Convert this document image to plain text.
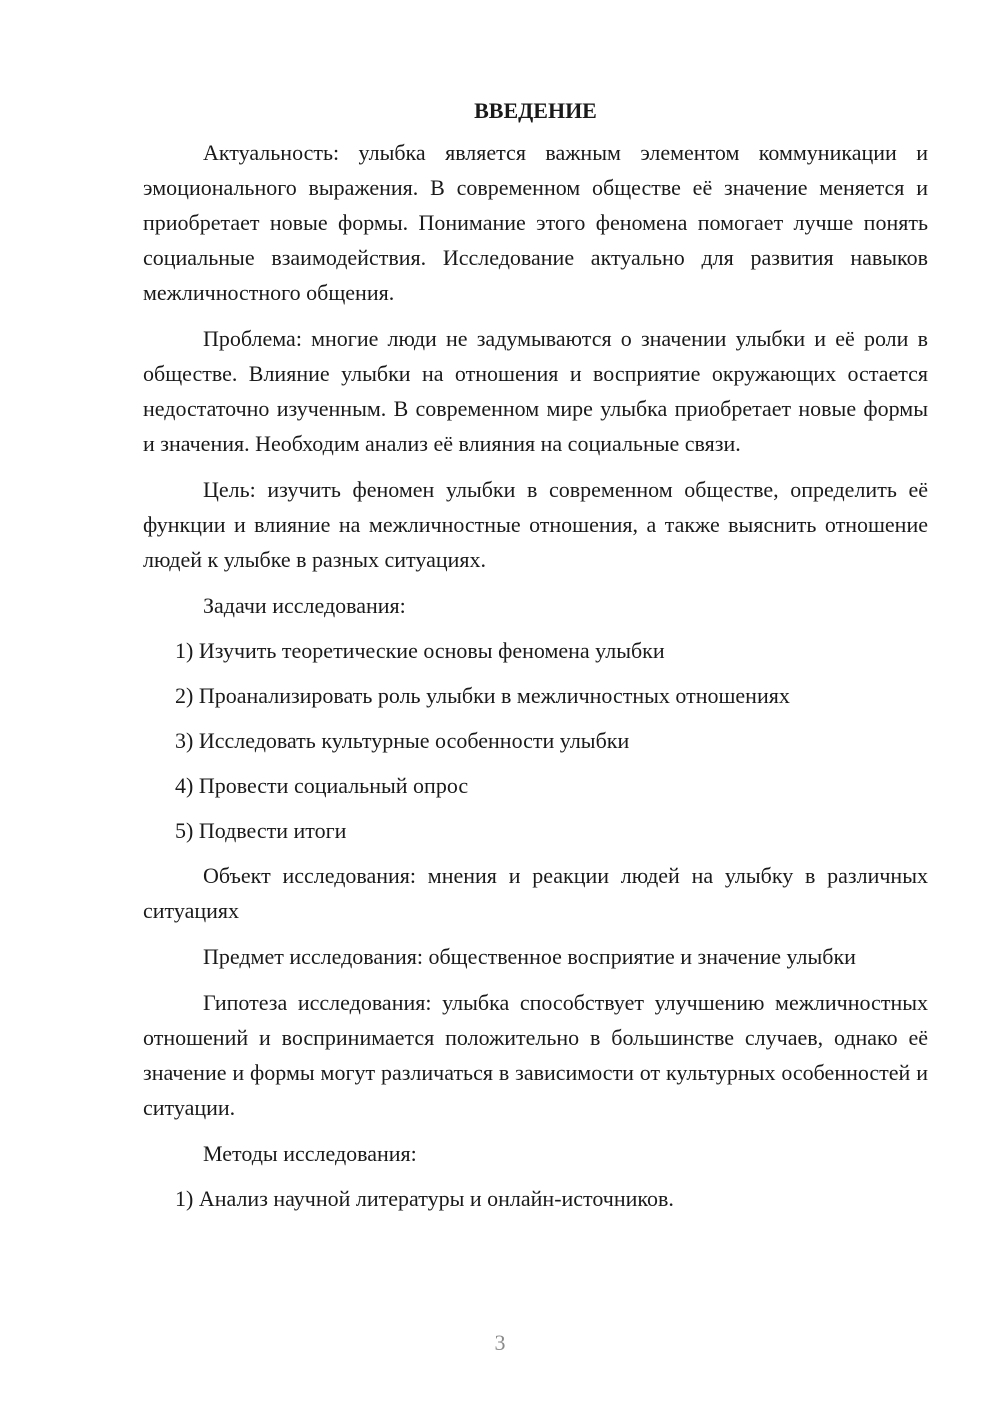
ВВЕДЕНИЕ

Актуальность: улыбка является важным элементом коммуникации и эмоционального выражения. В современном обществе её значение меняется и приобретает новые формы. Понимание этого феномена помогает лучше понять социальные взаимодействия. Исследование актуально для развития навыков межличностного общения.

Проблема: многие люди не задумываются о значении улыбки и её роли в обществе. Влияние улыбки на отношения и восприятие окружающих остается недостаточно изученным. В современном мире улыбка приобретает новые формы и значения. Необходим анализ её влияния на социальные связи.

Цель: изучить феномен улыбки в современном обществе, определить её функции и влияние на межличностные отношения, а также выяснить отношение людей к улыбке в разных ситуациях.

Задачи исследования:

1) Изучить теоретические основы феномена улыбки
2) Проанализировать роль улыбки в межличностных отношениях
3) Исследовать культурные особенности улыбки
4) Провести социальный опрос
5) Подвести итоги

Объект исследования: мнения и реакции людей на улыбку в различных ситуациях

Предмет исследования: общественное восприятие и значение улыбки

Гипотеза исследования: улыбка способствует улучшению межличностных отношений и воспринимается положительно в большинстве случаев, однако её значение и формы могут различаться в зависимости от культурных особенностей и ситуации.

Методы исследования:

1) Анализ научной литературы и онлайн-источников.
3
